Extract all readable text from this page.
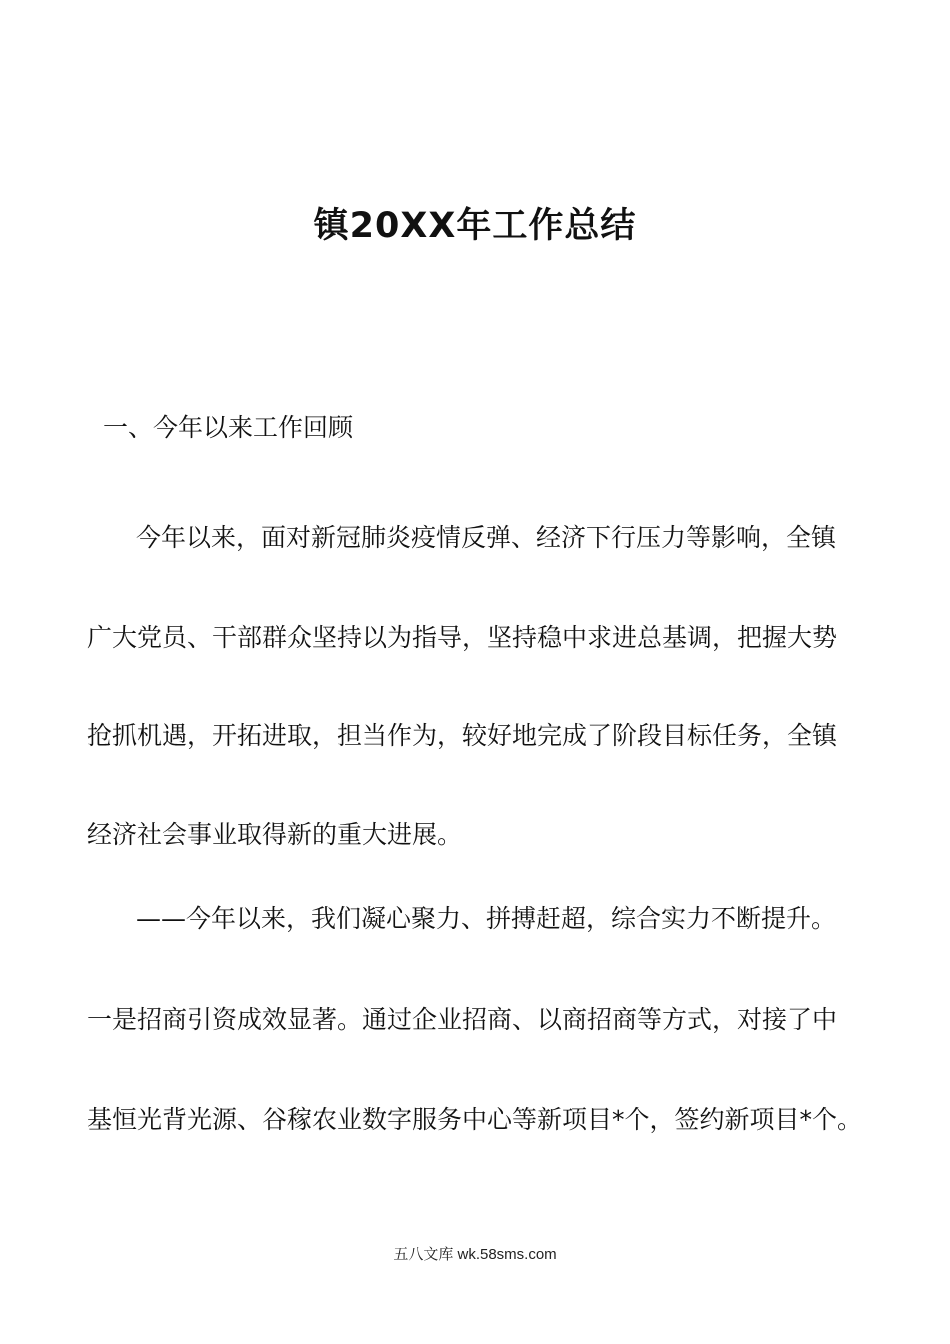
镇20XX年工作总结

一、今年以来工作回顾

今年以来，面对新冠肺炎疫情反弹、经济下行压力等影响，全镇

广大党员、干部群众坚持以为指导，坚持稳中求进总基调，把握大势

抢抓机遇，开拓进取，担当作为，较好地完成了阶段目标任务，全镇

经济社会事业取得新的重大进展。

——今年以来，我们凝心聚力、拼搏赶超，综合实力不断提升。

一是招商引资成效显著。通过企业招商、以商招商等方式，对接了中

基恒光背光源、谷稼农业数字服务中心等新项目*个，签约新项目*个。

五八文库 wk.58sms.com
